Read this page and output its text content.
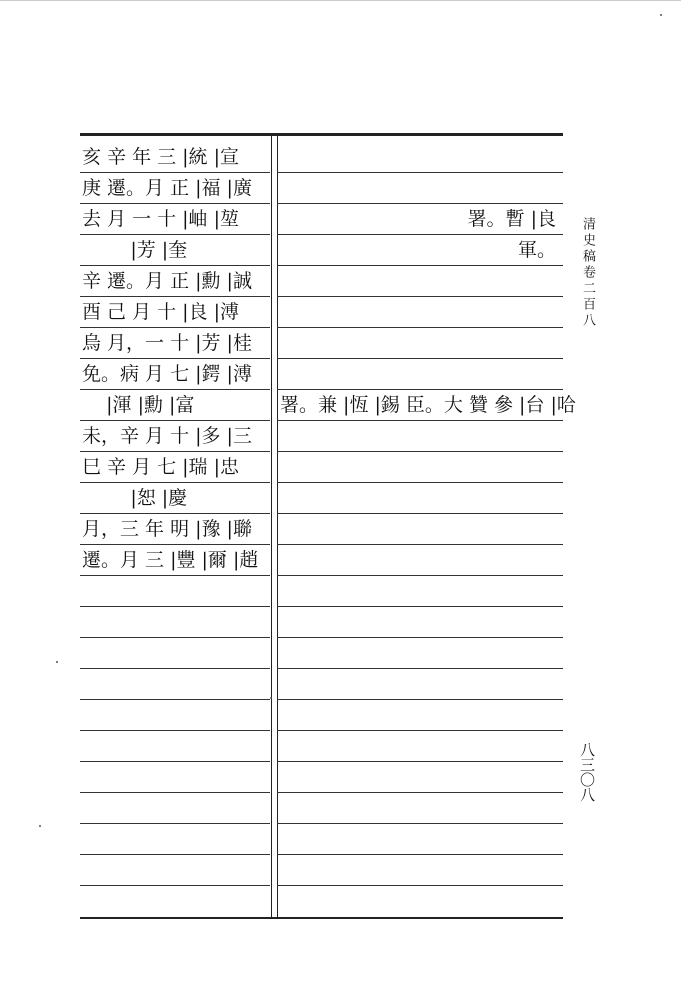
亥 辛 年 三 |統 |宣
庚 遷。月 正 |福 |廣
去 月 一 十 |岫 |堃
|芳 |奎
辛 遷。月 正 |勳 |誠
酉 己 月 十 |良 |溥
烏 月，一 十 |芳 |桂
免。病 月 七 |鍔 |溥
|渾 |勳 |富
未，辛 月 十 |多 |三
巳 辛 月 七 |瑞 |忠
|恕 |慶
月，三 年 明 |豫 |聯
遷。月 三 |豐 |爾 |趙
署。暫 |良
軍。
署。兼 |恆 |錫 臣。大 贊 參 |台 |哈
清史稿卷二百八
八三〇八
